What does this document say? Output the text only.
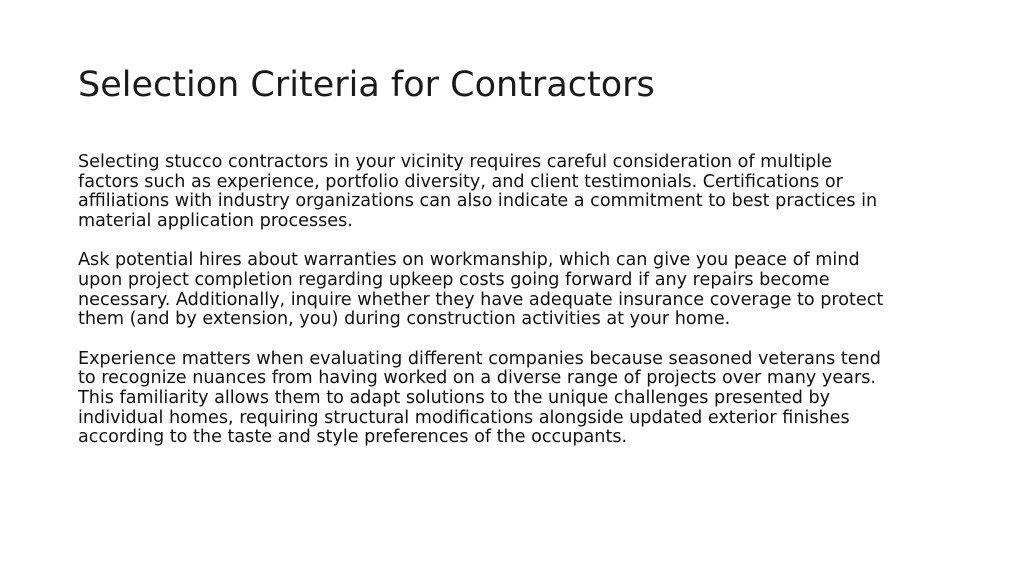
Selection Criteria for Contractors

Selecting stucco contractors in your vicinity requires careful consideration of multiple
factors such as experience, portfolio diversity, and client testimonials. Certifications or
affiliations with industry organizations can also indicate a commitment to best practices in
material application processes.

Ask potential hires about warranties on workmanship, which can give you peace of mind
upon project completion regarding upkeep costs going forward if any repairs become
necessary. Additionally, inquire whether they have adequate insurance coverage to protect
them (and by extension, you) during construction activities at your home.

Experience matters when evaluating different companies because seasoned veterans tend
to recognize nuances from having worked on a diverse range of projects over many years.
This familiarity allows them to adapt solutions to the unique challenges presented by
individual homes, requiring structural modifications alongside updated exterior finishes
according to the taste and style preferences of the occupants.
